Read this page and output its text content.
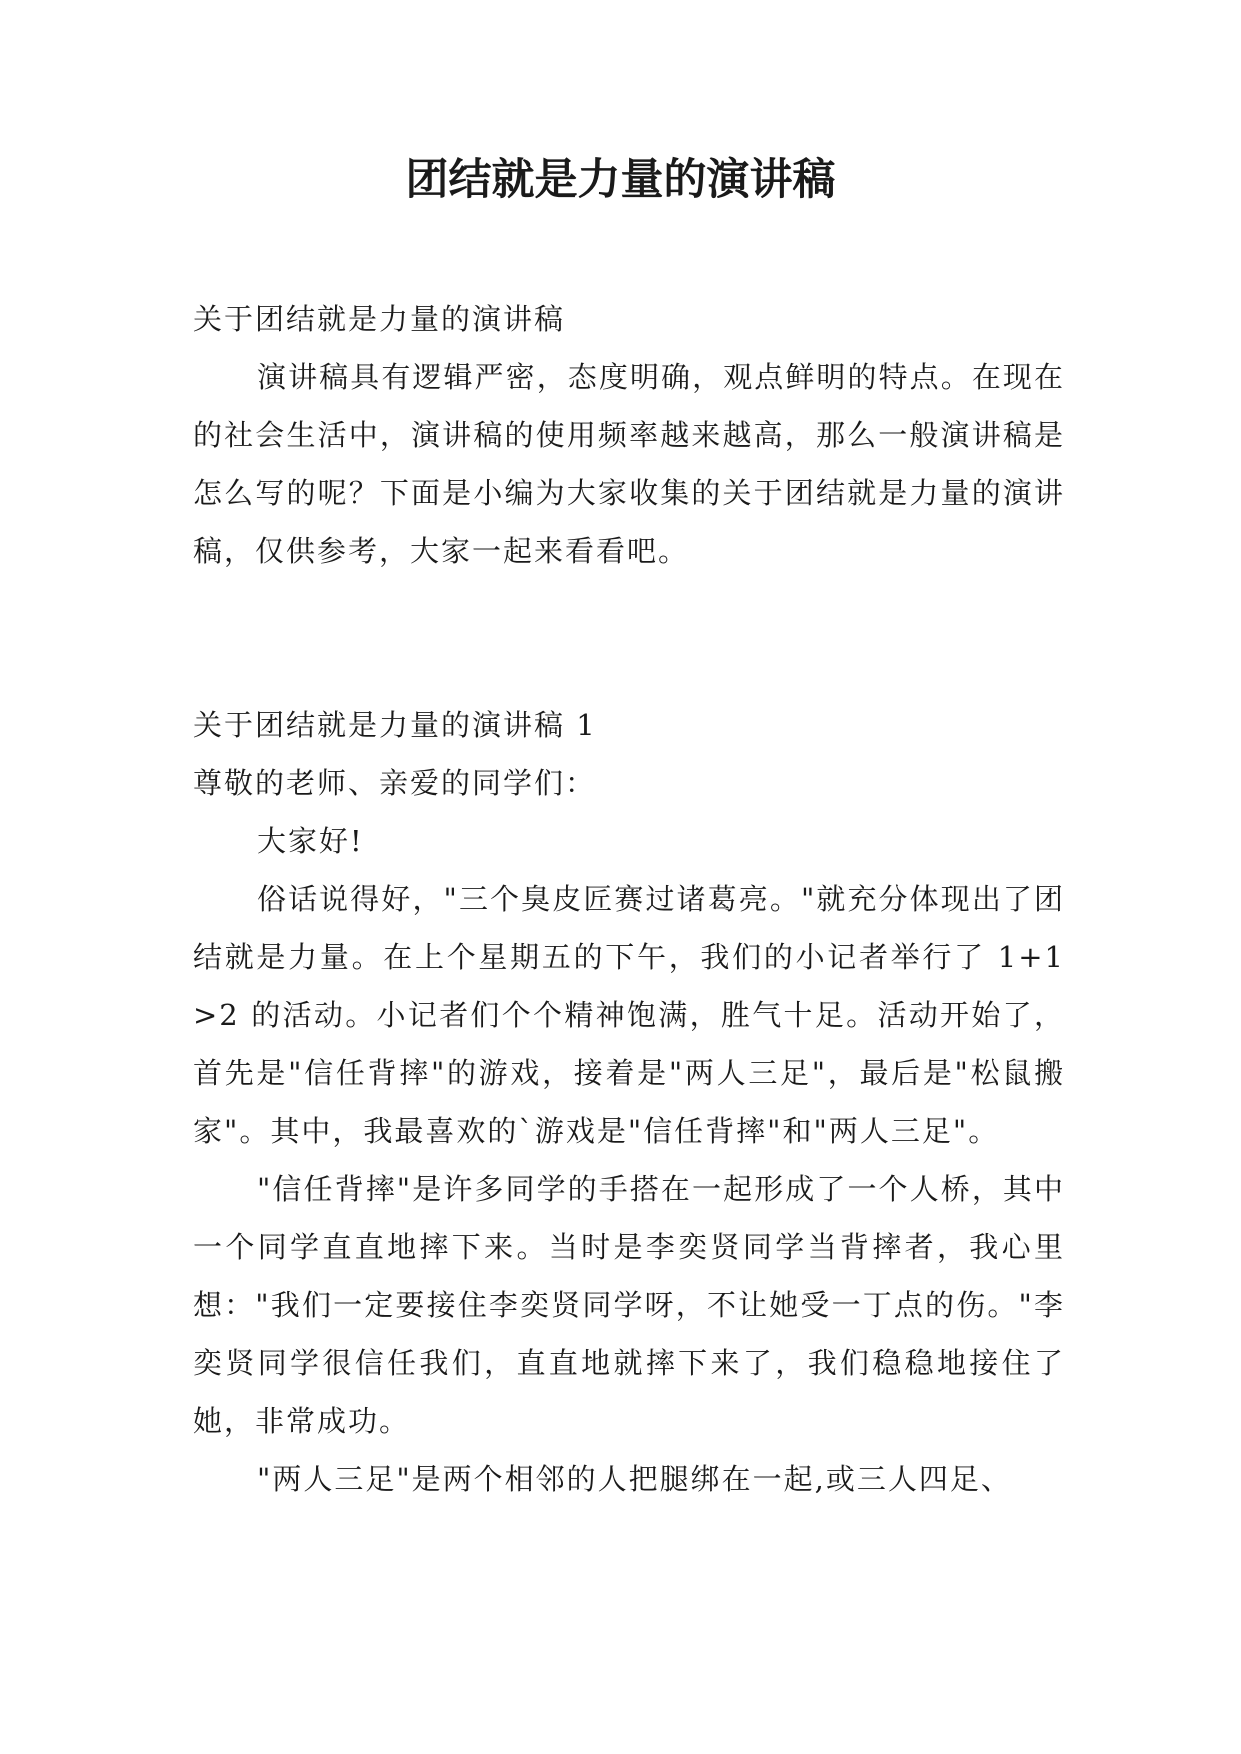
团结就是力量的演讲稿

关于团结就是力量的演讲稿

演讲稿具有逻辑严密，态度明确，观点鲜明的特点。在现在的社会生活中，演讲稿的使用频率越来越高，那么一般演讲稿是怎么写的呢？下面是小编为大家收集的关于团结就是力量的演讲稿，仅供参考，大家一起来看看吧。

关于团结就是力量的演讲稿 1

尊敬的老师、亲爱的同学们：

大家好!

俗话说得好，"三个臭皮匠赛过诸葛亮。"就充分体现出了团结就是力量。在上个星期五的下午，我们的小记者举行了 1+1>2 的活动。小记者们个个精神饱满，胜气十足。活动开始了，首先是"信任背摔"的游戏，接着是"两人三足"，最后是"松鼠搬家"。其中，我最喜欢的`游戏是"信任背摔"和"两人三足"。

"信任背摔"是许多同学的手搭在一起形成了一个人桥，其中一个同学直直地摔下来。当时是李奕贤同学当背摔者，我心里想："我们一定要接住李奕贤同学呀，不让她受一丁点的伤。"李奕贤同学很信任我们，直直地就摔下来了，我们稳稳地接住了她，非常成功。

"两人三足"是两个相邻的人把腿绑在一起,或三人四足、
